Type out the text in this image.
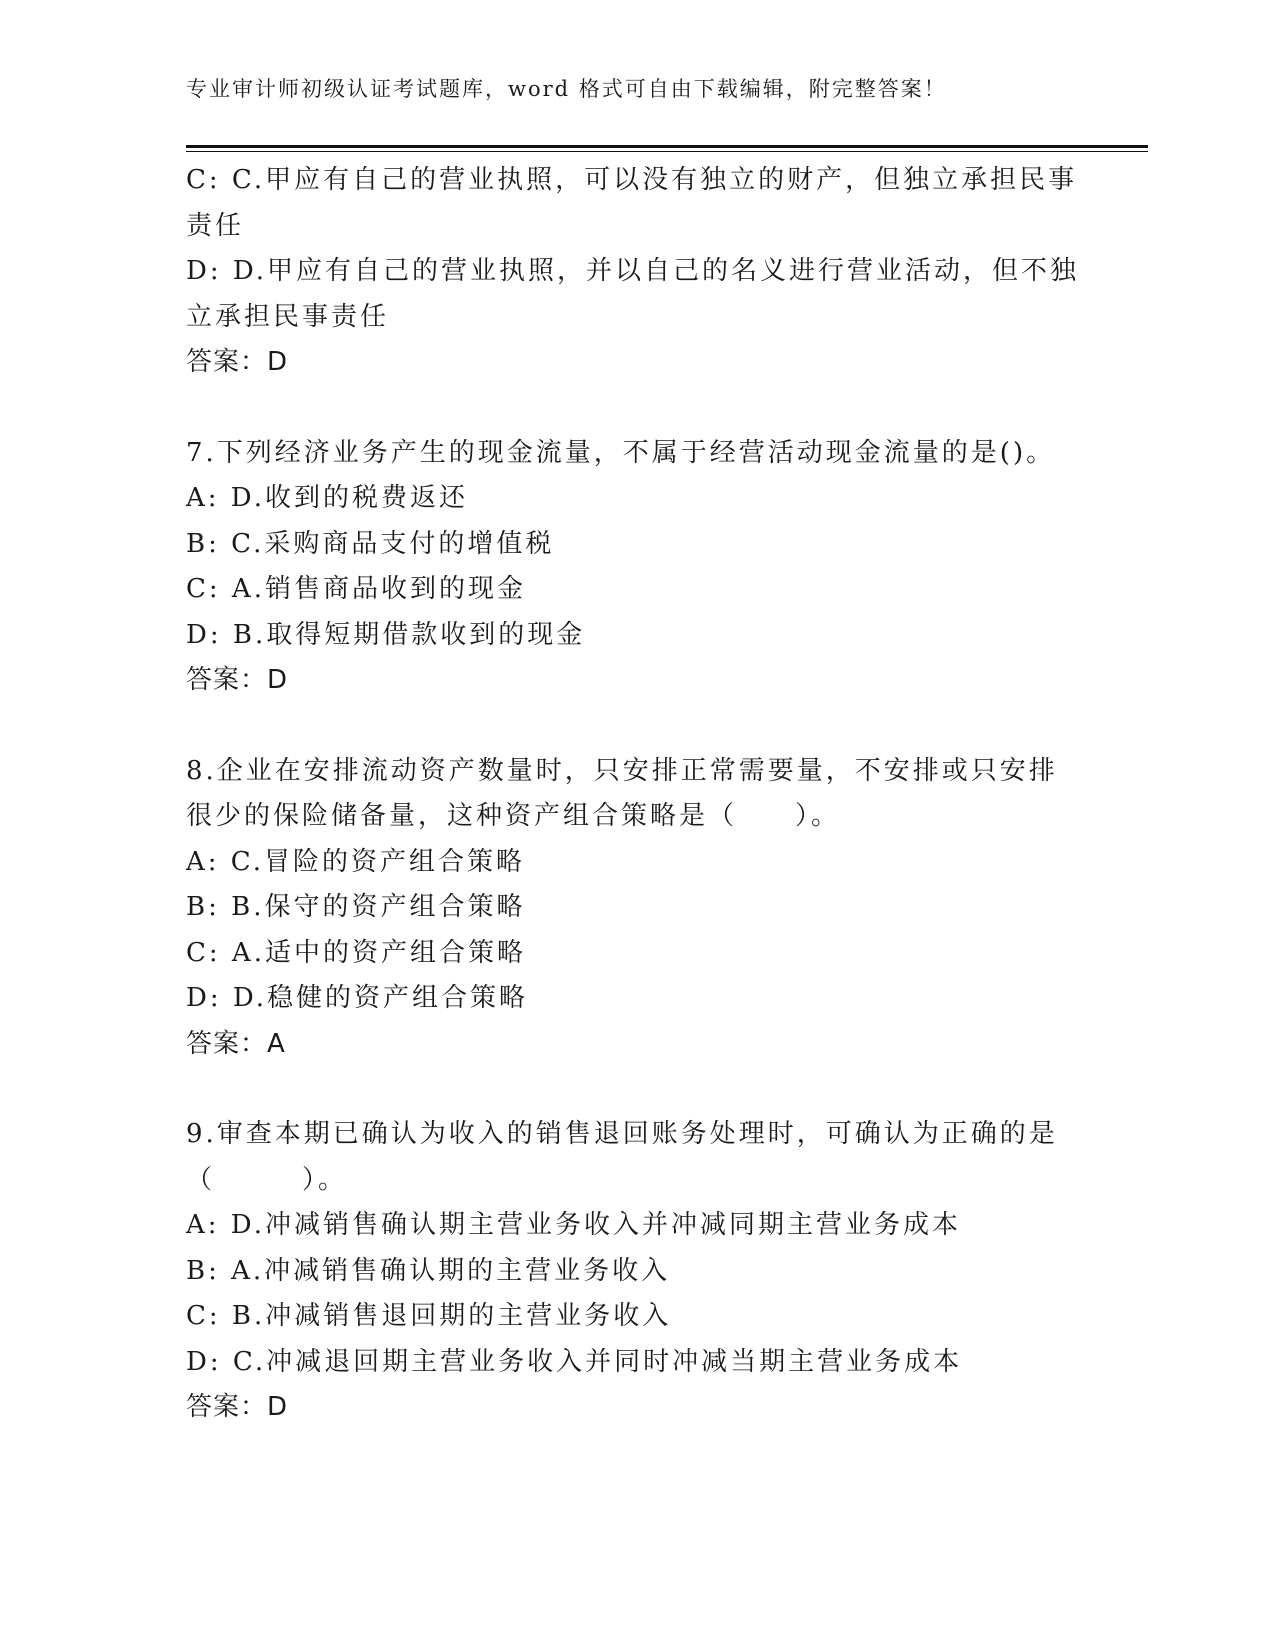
专业审计师初级认证考试题库，word 格式可自由下载编辑，附完整答案！
C: C.甲应有自己的营业执照，可以没有独立的财产，但独立承担民事
责任
D: D.甲应有自己的营业执照，并以自己的名义进行营业活动，但不独
立承担民事责任
答案：D
7.下列经济业务产生的现金流量，不属于经营活动现金流量的是()。
A: D.收到的税费返还
B: C.采购商品支付的增值税
C: A.销售商品收到的现金
D: B.取得短期借款收到的现金
答案：D
8.企业在安排流动资产数量时，只安排正常需要量，不安排或只安排
很少的保险储备量，这种资产组合策略是（　　）。
A: C.冒险的资产组合策略
B: B.保守的资产组合策略
C: A.适中的资产组合策略
D: D.稳健的资产组合策略
答案：A
9.审查本期已确认为收入的销售退回账务处理时，可确认为正确的是
（　　　）。
A: D.冲减销售确认期主营业务收入并冲减同期主营业务成本
B: A.冲减销售确认期的主营业务收入
C: B.冲减销售退回期的主营业务收入
D: C.冲减退回期主营业务收入并同时冲减当期主营业务成本
答案：D
